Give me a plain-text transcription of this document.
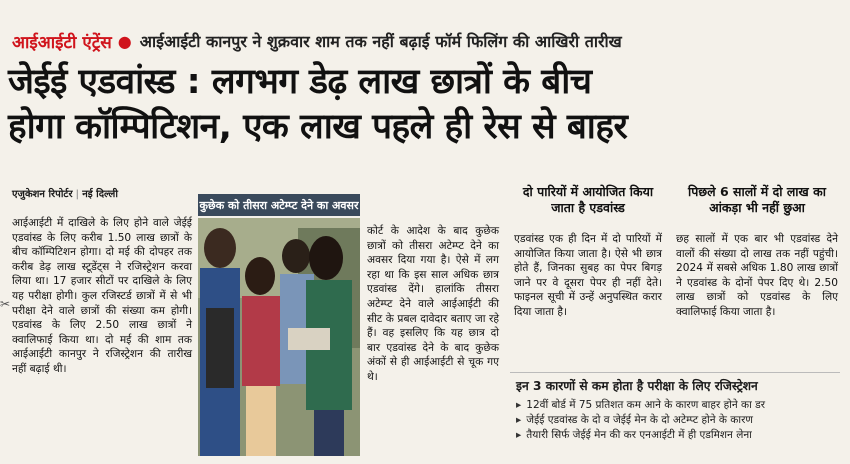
आईआईटी एंट्रेंस ● आईआईटी कानपुर ने शुक्रवार शाम तक नहीं बढ़ाई फॉर्म फिलिंग की आखिरी तारीख
जेईई एडवांस्ड : लगभग डेढ़ लाख छात्रों के बीच
होगा कॉम्पिटिशन, एक लाख पहले ही रेस से बाहर
एजुकेशन रिपोर्टर | नई दिल्ली
✂
आईआईटी में दाखिले के लिए होने वाले जेईई एडवांस्ड के लिए करीब 1.50 लाख छात्रों के बीच कॉम्पिटिशन होगा। दो मई की दोपहर तक करीब डेढ़ लाख स्टूडेंट्स ने रजिस्ट्रेशन करवा लिया था। 17 हजार सीटों पर दाखिले के लिए यह परीक्षा होगी। कुल रजिस्टर्ड छात्रों में से भी परीक्षा देने वाले छात्रों की संख्या कम होगी। एडवांस्ड के लिए 2.50 लाख छात्रों ने क्वालिफाई किया था। दो मई की शाम तक आईआईटी कानपुर ने रजिस्ट्रेशन की तारीख नहीं बढ़ाई थी।
कुछेक को तीसरा अटेम्प्ट देने का अवसर
कोर्ट के आदेश के बाद कुछेक छात्रों को तीसरा अटेम्प्ट देने का अवसर दिया गया है। ऐसे में लग रहा था कि इस साल अधिक छात्र एडवांस्ड देंगे। हालांकि तीसरा अटेम्प्ट देने वाले आईआईटी की सीट के प्रबल दावेदार बताए जा रहे हैं। वह इसलिए कि यह छात्र दो बार एडवांस्ड देने के बाद कुछेक अंकों से ही आईआईटी से चूक गए थे।
दो पारियों में आयोजित किया जाता है एडवांस्ड
एडवांस्ड एक ही दिन में दो पारियों में आयोजित किया जाता है। ऐसे भी छात्र होते हैं, जिनका सुबह का पेपर बिगड़ जाने पर वे दूसरा पेपर ही नहीं देते। फाइनल सूची में उन्हें अनुपस्थित करार दिया जाता है।
पिछले 6 सालों में दो लाख का आंकड़ा भी नहीं छुआ
छह सालों में एक बार भी एडवांस्ड देने वालों की संख्या दो लाख तक नहीं पहुंची। 2024 में सबसे अधिक 1.80 लाख छात्रों ने एडवांस्ड के दोनों पेपर दिए थे। 2.50 लाख छात्रों को एडवांस्ड के लिए क्वालिफाई किया जाता है।
इन 3 कारणों से कम होता है परीक्षा के लिए रजिस्ट्रेशन
▸ 12वीं बोर्ड में 75 प्रतिशत कम आने के कारण बाहर होने का डर
▸ जेईई एडवांस्ड के दो व जेईई मेन के दो अटेम्प्ट होने के कारण
▸ तैयारी सिर्फ जेईई मेन की कर एनआईटी में ही एडमिशन लेना
